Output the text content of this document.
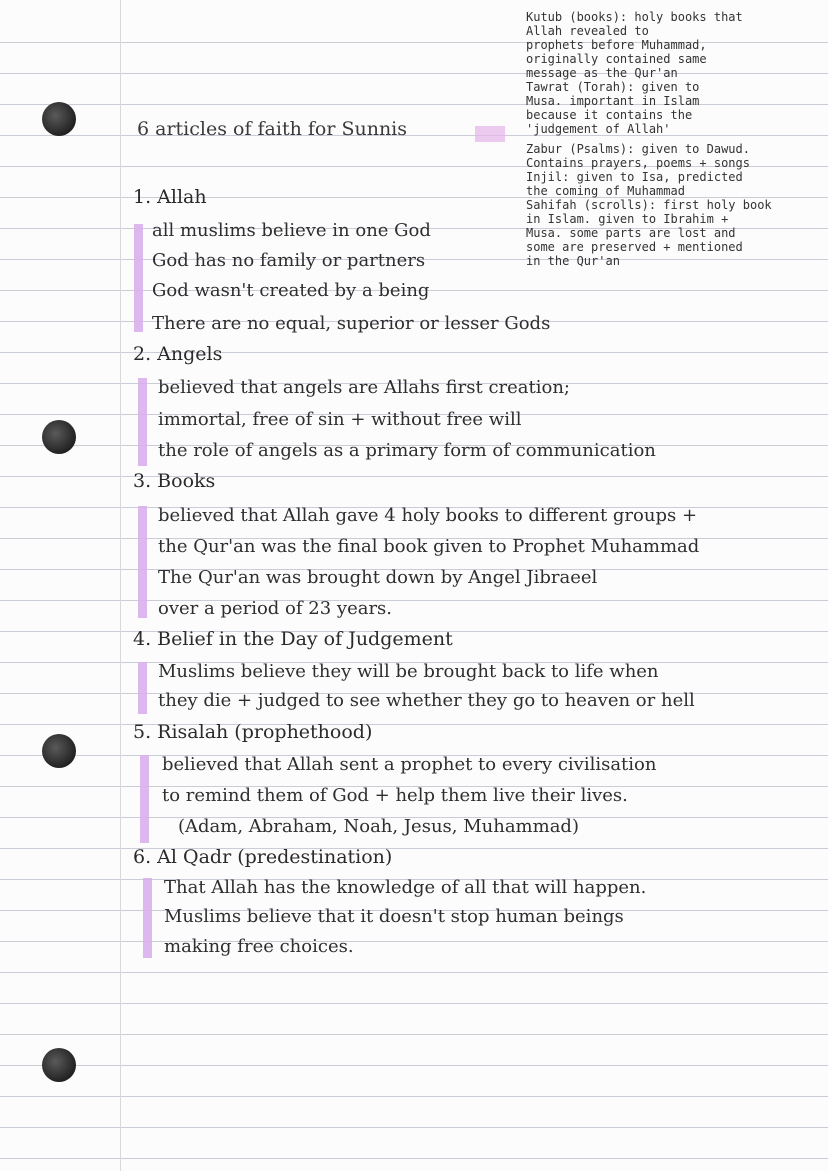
Kutub (books): holy books that

Allah revealed to

prophets before Muhammad,

originally contained same

message as the Qur'an

Tawrat (Torah): given to

Musa. important in Islam

because it contains the

'judgement of Allah'

Zabur (Psalms): given to Dawud.

Contains prayers, poems + songs

Injil: given to Isa, predicted

the coming of Muhammad

Sahifah (scrolls): first holy book

in Islam. given to Ibrahim +

Musa. some parts are lost and

some are preserved + mentioned

in the Qur'an

6 articles of faith for Sunnis
1. Allah
all muslims believe in one God
God has no family or partners
God wasn't created by a being
There are no equal, superior or lesser Gods
2. Angels
believed that angels are Allahs first creation;
immortal, free of sin + without free will
the role of angels as a primary form of communication
3. Books
believed that Allah gave 4 holy books to different groups +
the Qur'an was the final book given to Prophet Muhammad
The Qur'an was brought down by Angel Jibraeel
over a period of 23 years.
4. Belief in the Day of Judgement
Muslims believe they will be brought back to life when
they die + judged to see whether they go to heaven or hell
5. Risalah (prophethood)
believed that Allah sent a prophet to every civilisation
to remind them of God + help them live their lives.
(Adam, Abraham, Noah, Jesus, Muhammad)
6. Al Qadr (predestination)
That Allah has the knowledge of all that will happen.
Muslims believe that it doesn't stop human beings
making free choices.
